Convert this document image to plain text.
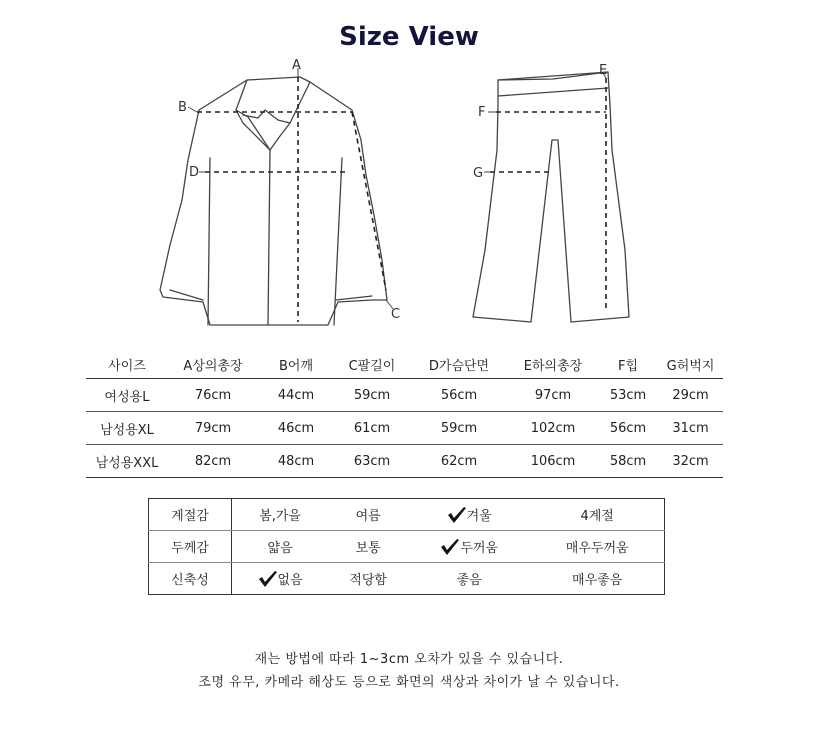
Size View
A
B
C
D
E
F
G
사이즈	A상의총장	B어깨	C팔길이	D가슴단면	E하의총장	F힙	G허벅지
여성용L	76cm	44cm	59cm	56cm	97cm	53cm	29cm
남성용XL	79cm	46cm	61cm	59cm	102cm	56cm	31cm
남성용XXL	82cm	48cm	63cm	62cm	106cm	58cm	32cm
계절감	봄,가을	여름	겨울	4계절
두께감	얇음	보통	두꺼움	매우두꺼움
신축성	없음	적당함	좋음	매우좋음
재는 방법에 따라 1~3cm 오차가 있을 수 있습니다.
조명 유무, 카메라 해상도 등으로 화면의 색상과 차이가 날 수 있습니다.
